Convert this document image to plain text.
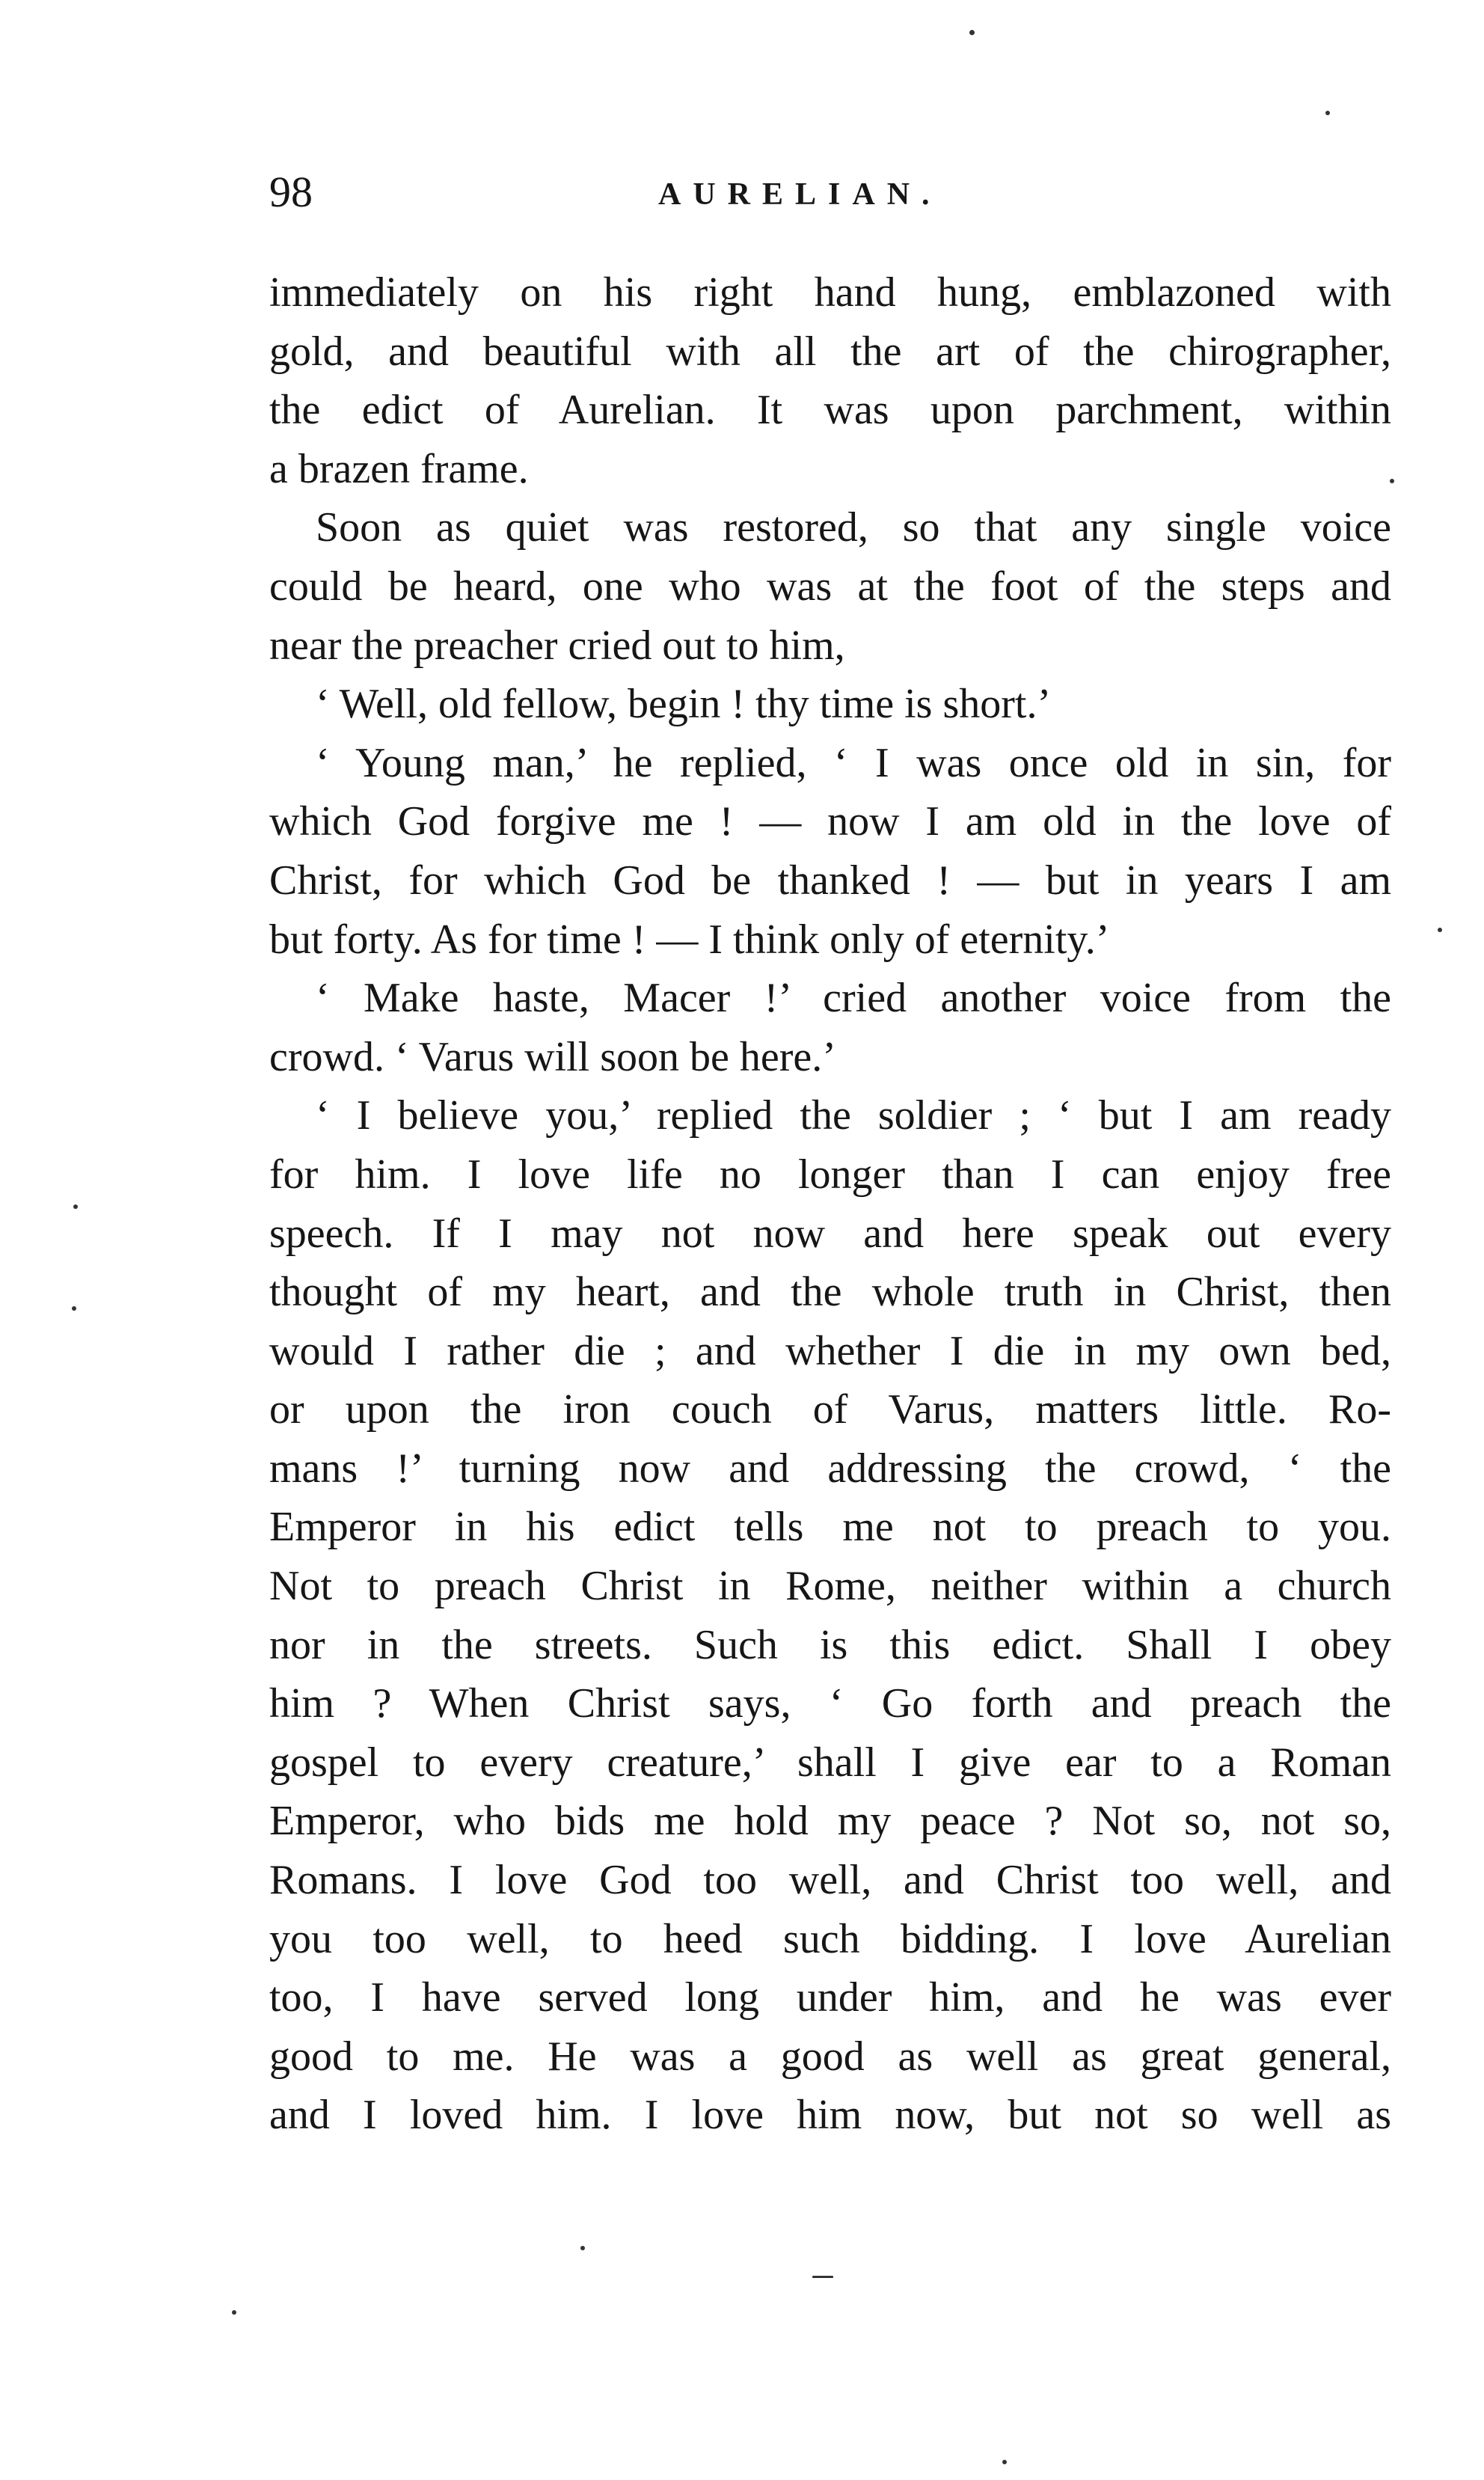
98	AURELIAN.
immediately on his right hand hung, emblazoned with
gold, and beautiful with all the art of the chirographer,
the edict of Aurelian. It was upon parchment, within
a brazen frame.
Soon as quiet was restored, so that any single voice
could be heard, one who was at the foot of the steps and
near the preacher cried out to him,
‘ Well, old fellow, begin ! thy time is short.’
‘ Young man,’ he replied, ‘ I was once old in sin, for
which God forgive me ! — now I am old in the love of
Christ, for which God be thanked ! — but in years I am
but forty. As for time ! — I think only of eternity.’
‘ Make haste, Macer !’ cried another voice from the
crowd. ‘ Varus will soon be here.’
‘ I believe you,’ replied the soldier ; ‘ but I am ready
for him. I love life no longer than I can enjoy free
speech. If I may not now and here speak out every
thought of my heart, and the whole truth in Christ, then
would I rather die ; and whether I die in my own bed,
or upon the iron couch of Varus, matters little. Ro-
mans !’ turning now and addressing the crowd, ‘ the
Emperor in his edict tells me not to preach to you.
Not to preach Christ in Rome, neither within a church
nor in the streets. Such is this edict. Shall I obey
him ? When Christ says, ‘ Go forth and preach the
gospel to every creature,’ shall I give ear to a Roman
Emperor, who bids me hold my peace ? Not so, not so,
Romans. I love God too well, and Christ too well, and
you too well, to heed such bidding. I love Aurelian
too, I have served long under him, and he was ever
good to me. He was a good as well as great general,
and I loved him. I love him now, but not so well as
